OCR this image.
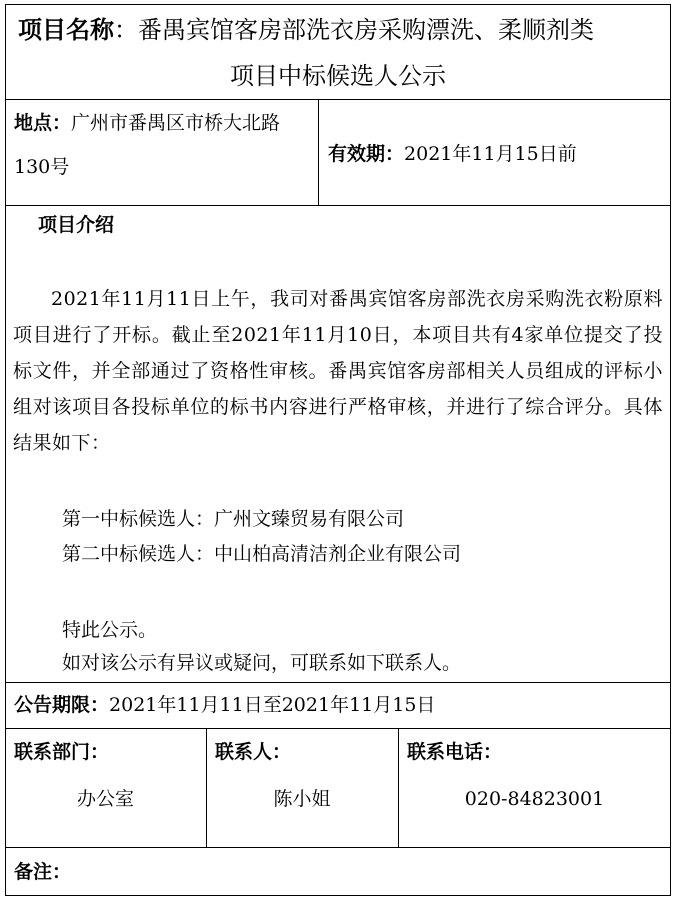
项目名称：番禺宾馆客房部洗衣房采购漂洗、柔顺剂类
项目中标候选人公示
地点：广州市番禺区市桥大北路
130号
有效期：2021年11月15日前
项目介绍
2021年11月11日上午，我司对番禺宾馆客房部洗衣房采购洗衣粉原料项目进行了开标。截止至2021年11月10日，本项目共有4家单位提交了投标文件，并全部通过了资格性审核。番禺宾馆客房部相关人员组成的评标小组对该项目各投标单位的标书内容进行严格审核，并进行了综合评分。具体结果如下：
第一中标候选人：广州文臻贸易有限公司
第二中标候选人：中山柏高清洁剂企业有限公司
特此公示。
如对该公示有异议或疑问，可联系如下联系人。
公告期限：2021年11月11日至2021年11月15日
联系部门：
办公室
联系人：
陈小姐
联系电话：
020-84823001
备注：
